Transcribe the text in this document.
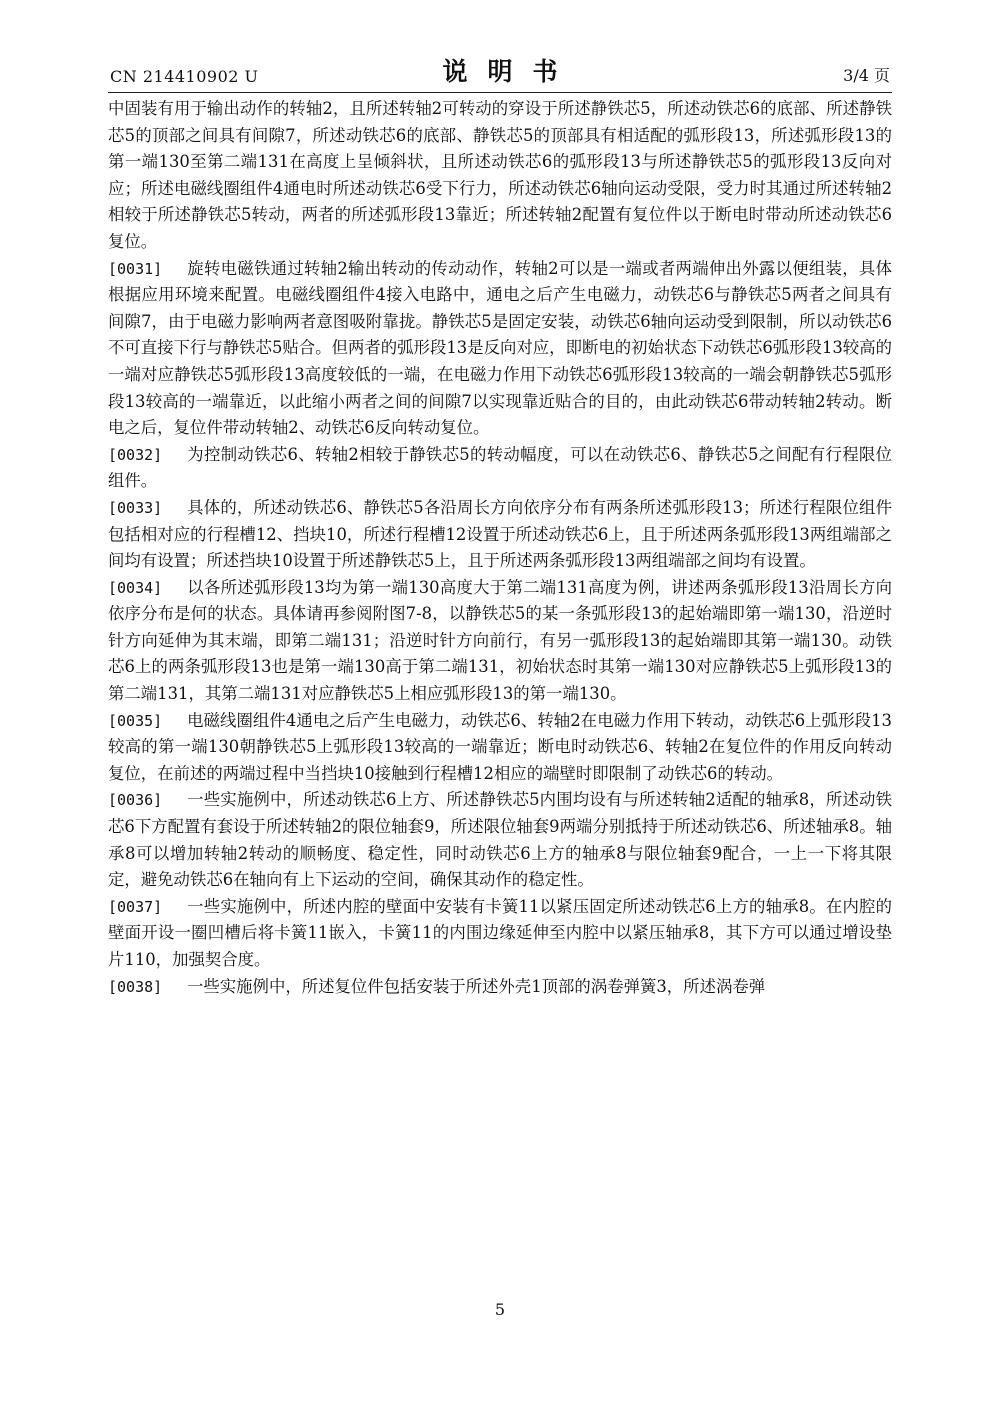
CN 214410902 U	说明书	3/4 页

中固装有用于输出动作的转轴2，且所述转轴2可转动的穿设于所述静铁芯5，所述动铁芯6的底部、所述静铁芯5的顶部之间具有间隙7，所述动铁芯6的底部、静铁芯5的顶部具有相适配的弧形段13，所述弧形段13的第一端130至第二端131在高度上呈倾斜状，且所述动铁芯6的弧形段13与所述静铁芯5的弧形段13反向对应；所述电磁线圈组件4通电时所述动铁芯6受下行力，所述动铁芯6轴向运动受限，受力时其通过所述转轴2相较于所述静铁芯5转动，两者的所述弧形段13靠近；所述转轴2配置有复位件以于断电时带动所述动铁芯6复位。

[0031] 旋转电磁铁通过转轴2输出转动的传动动作，转轴2可以是一端或者两端伸出外露以便组装，具体根据应用环境来配置。电磁线圈组件4接入电路中，通电之后产生电磁力，动铁芯6与静铁芯5两者之间具有间隙7，由于电磁力影响两者意图吸附靠拢。静铁芯5是固定安装，动铁芯6轴向运动受到限制，所以动铁芯6不可直接下行与静铁芯5贴合。但两者的弧形段13是反向对应，即断电的初始状态下动铁芯6弧形段13较高的一端对应静铁芯5弧形段13高度较低的一端，在电磁力作用下动铁芯6弧形段13较高的一端会朝静铁芯5弧形段13较高的一端靠近，以此缩小两者之间的间隙7以实现靠近贴合的目的，由此动铁芯6带动转轴2转动。断电之后，复位件带动转轴2、动铁芯6反向转动复位。

[0032] 为控制动铁芯6、转轴2相较于静铁芯5的转动幅度，可以在动铁芯6、静铁芯5之间配有行程限位组件。

[0033] 具体的，所述动铁芯6、静铁芯5各沿周长方向依序分布有两条所述弧形段13；所述行程限位组件包括相对应的行程槽12、挡块10，所述行程槽12设置于所述动铁芯6上，且于所述两条弧形段13两组端部之间均有设置；所述挡块10设置于所述静铁芯5上，且于所述两条弧形段13两组端部之间均有设置。

[0034] 以各所述弧形段13均为第一端130高度大于第二端131高度为例，讲述两条弧形段13沿周长方向依序分布是何的状态。具体请再参阅附图7-8，以静铁芯5的某一条弧形段13的起始端即第一端130，沿逆时针方向延伸为其末端，即第二端131；沿逆时针方向前行，有另一弧形段13的起始端即其第一端130。动铁芯6上的两条弧形段13也是第一端130高于第二端131，初始状态时其第一端130对应静铁芯5上弧形段13的第二端131，其第二端131对应静铁芯5上相应弧形段13的第一端130。

[0035] 电磁线圈组件4通电之后产生电磁力，动铁芯6、转轴2在电磁力作用下转动，动铁芯6上弧形段13较高的第一端130朝静铁芯5上弧形段13较高的一端靠近；断电时动铁芯6、转轴2在复位件的作用反向转动复位，在前述的两端过程中当挡块10接触到行程槽12相应的端壁时即限制了动铁芯6的转动。

[0036] 一些实施例中，所述动铁芯6上方、所述静铁芯5内围均设有与所述转轴2适配的轴承8，所述动铁芯6下方配置有套设于所述转轴2的限位轴套9，所述限位轴套9两端分别抵持于所述动铁芯6、所述轴承8。轴承8可以增加转轴2转动的顺畅度、稳定性，同时动铁芯6上方的轴承8与限位轴套9配合，一上一下将其限定，避免动铁芯6在轴向有上下运动的空间，确保其动作的稳定性。

[0037] 一些实施例中，所述内腔的壁面中安装有卡簧11以紧压固定所述动铁芯6上方的轴承8。在内腔的壁面开设一圈凹槽后将卡簧11嵌入，卡簧11的内围边缘延伸至内腔中以紧压轴承8，其下方可以通过增设垫片110，加强契合度。

[0038] 一些实施例中，所述复位件包括安装于所述外壳1顶部的涡卷弹簧3，所述涡卷弹

5
